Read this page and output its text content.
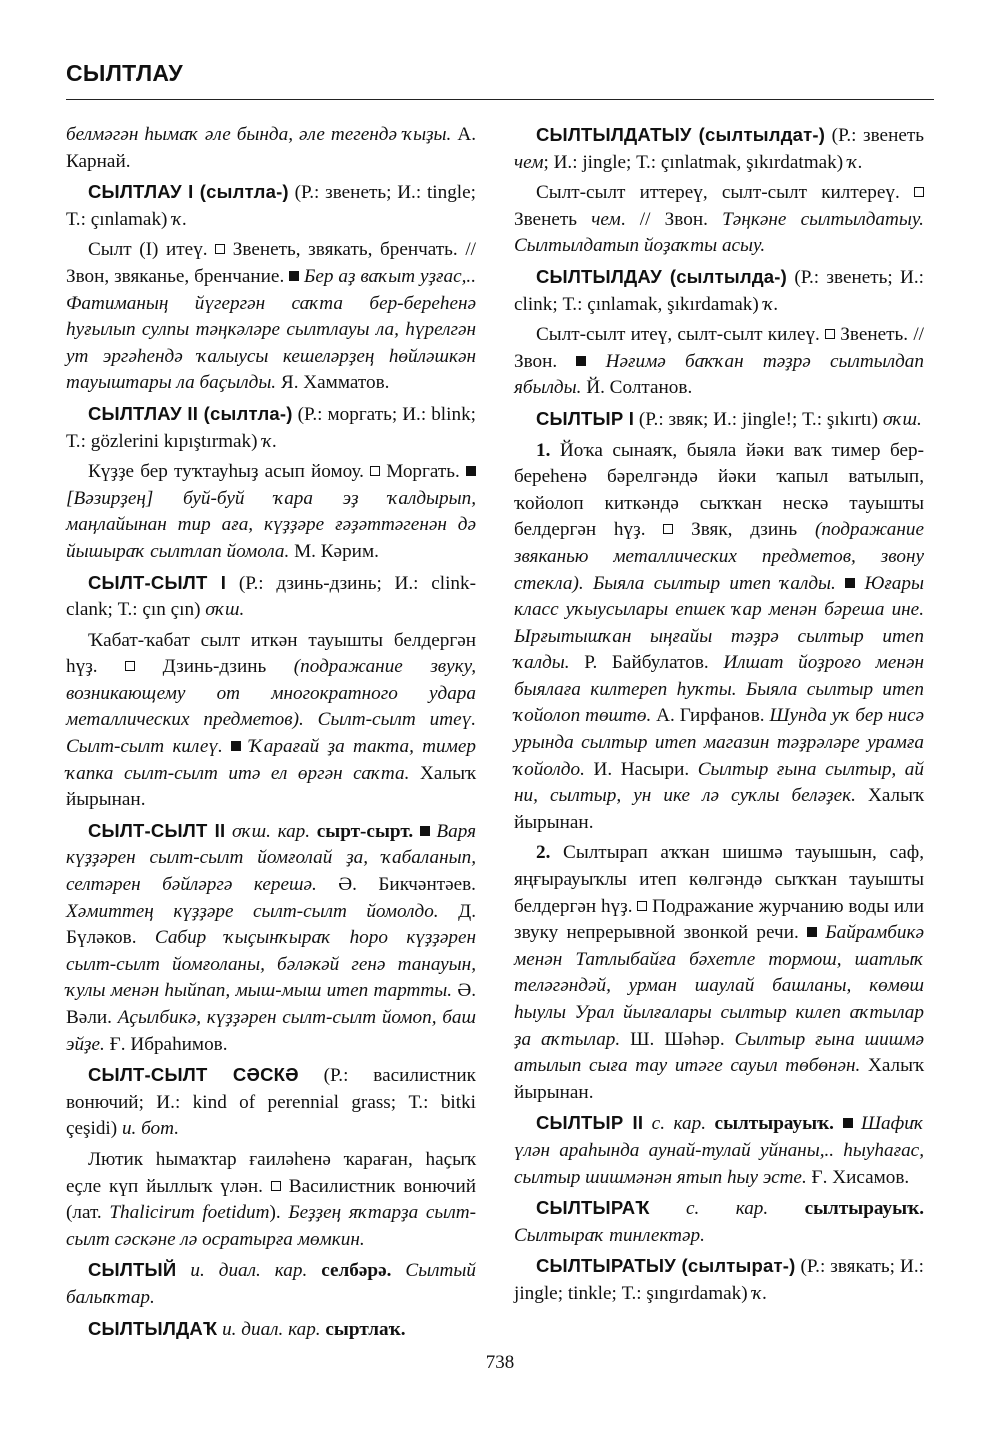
СЫЛТЛАУ

белмәгән һымаҡ әле бында, әле тегендә ҡыҙы. А. Карнай.

СЫЛТЛАУ I (сылтла-) (Р.: звенеть; И.: tingle; Т.: çınlamak) ҡ.

Сылт (I) итеү.  Звенеть, звякать, бренчать. // Звон, звяканье, бренчание.  Бер аҙ ваҡыт уҙғас,.. Фатиманың йүгергән саҡта бер-береһенә һуғылып сулпы тәңкәләре сылтлауы ла, һүрелгән ут эргәһендә ҡалыусы кешеләрҙең һөйләшкән тауыштары ла баҫылды. Я. Хамматов.

СЫЛТЛАУ II (сылтла-) (Р.: моргать; И.: blink; Т.: gözlerini kıpıştırmak) ҡ.

Күҙҙе бер туҡтауһыҙ асып йомоу.  Моргать.  [Вәзирҙең] буй-буй ҡара эҙ ҡалдырып, маңлайынан тир аға, күҙҙәре ғәҙәттәгенән дә йышыраҡ сылтлап йомола. М. Кәрим.

СЫЛТ-СЫЛТ I (Р.: дзинь-дзинь; И.: clink-clank; Т.: çın çın) оҡш.

Ҡабат-ҡабат сылт иткән тауышты белдергән һүҙ.  Дзинь-дзинь (подражание звуку, возникающему от многократного удара металлических предметов). Сылт-сылт итеү. Сылт-сылт килеү.  Ҡарағай ҙа такта, тимер ҡапка сылт-сылт итә ел өргән саҡта. Халыҡ йырынан.

СЫЛТ-СЫЛТ II оҡш. кар. сырт-сырт.  Варя күҙҙәрен сылт-сылт йомғолай ҙа, ҡабаланып, селтәрен бәйләргә керешә. Ә. Бикчәнтәев. Хәмиттең күҙҙәре сылт-сылт йомолдо. Д. Бүләков. Сабир ҡыҫынҡыраҡ һоро күҙҙәрен сылт-сылт йомғоланы, бәләкәй генә танауын, ҡулы менән һыйпап, мыш-мыш итеп тартты. Ә. Вәли. Аҫылбикә, күҙҙәрен сылт-сылт йомоп, баш эйҙе. Ғ. Ибраһимов.

СЫЛТ-СЫЛТ СӘСКӘ (Р.: василистник вонючий; И.: kind of perennial grass; Т.: bitki çeşidi) и. бот.

Лютик һымаҡтар ғаиләһенә ҡараған, һаҫыҡ еҫле күп йыллыҡ үлән.  Василистник вонючий (лат. Thalicirum foetidum). Беҙҙең яҡтарҙа сылт-сылт сәскәне лә осратырға мөмкин.

СЫЛТЫЙ и. диал. кар. селбәрә. Сылтый балыҡтар.

СЫЛТЫЛДАҠ и. диал. кар. сыртлаҡ.

СЫЛТЫЛДАТЫУ (сылтылдат-) (Р.: звенеть чем; И.: jingle; Т.: çınlatmak, şıkırdatmak) ҡ.

Сылт-сылт иттереү, сылт-сылт килтереү.  Звенеть чем. // Звон. Тәңкәне сылтылдатыу. Сылтылдатып йоҙаҡты асыу.

СЫЛТЫЛДАУ (сылтылда-) (Р.: звенеть; И.: clink; Т.: çınlamak, şıkırdamak) ҡ.

Сылт-сылт итеү, сылт-сылт килеү.  Звенеть. // Звон.  Нәғимә баҡҡан тәҙрә сылтылдап ябылды. Й. Солтанов.

СЫЛТЫР I (Р.: звяк; И.: jingle!; Т.: şıkırtı) оҡш.

1. Йоҡа сынаяҡ, быяла йәки ваҡ тимер бер-береһенә бәрелгәндә йәки ҡапыл ватылып, ҡойолоп киткәндә сыҡҡан нескә тауышты белдергән һүҙ.  Звяк, дзинь (подражание звяканью металлических предметов, звону стекла). Быяла сылтыр итеп ҡалды.  Юғары класс уҡыусылары епшек ҡар менән бәреша ине. Ырғытышҡан ыңғайы тәҙрә сылтыр итеп ҡалды. Р. Байбулатов. Илшат йоҙроғо менән быялаға килтереп һуҡты. Быяла сылтыр итеп ҡойолоп төштө. А. Гирфанов. Шунда уҡ бер нисә урында сылтыр итеп магазин тәҙрәләре урамға ҡойолдо. И. Насыри. Сылтыр ғына сылтыр, ай ни, сылтыр, ун ике лә суҡлы беләҙек. Халыҡ йырынан.

2. Сылтырап аҡҡан шишмә тауышын, саф, яңғырауыҡлы итеп көлгәндә сыҡҡан тауышты белдергән һүҙ.  Подражание журчанию воды или звуку непрерывной звонкой речи.  Байрамбикә менән Татлыбайға бәхетле тормош, шатлыҡ теләгәндәй, урман шаулай башланы, көмөш һыулы Урал йылғалары сылтыр килеп аҡтылар ҙа аҡтылар. Ш. Шәһәр. Сылтыр ғына шишмә атылып сыға тау итәге сауыл төбөнән. Халыҡ йырынан.

СЫЛТЫР II с. кар. сылтырауыҡ.  Шафиҡ үлән араһында аунай-тулай уйнаны,.. һыуһағас, сылтыр шишмәнән ятып һыу эсте. Ғ. Хисамов.

СЫЛТЫРАҠ с. кар. сылтырауыҡ. Сылтыраҡ тинлектәр.

СЫЛТЫРАТЫУ (сылтырат-) (Р.: звякать; И.: jingle; tinkle; Т.: şıngırdamak) ҡ.

738
